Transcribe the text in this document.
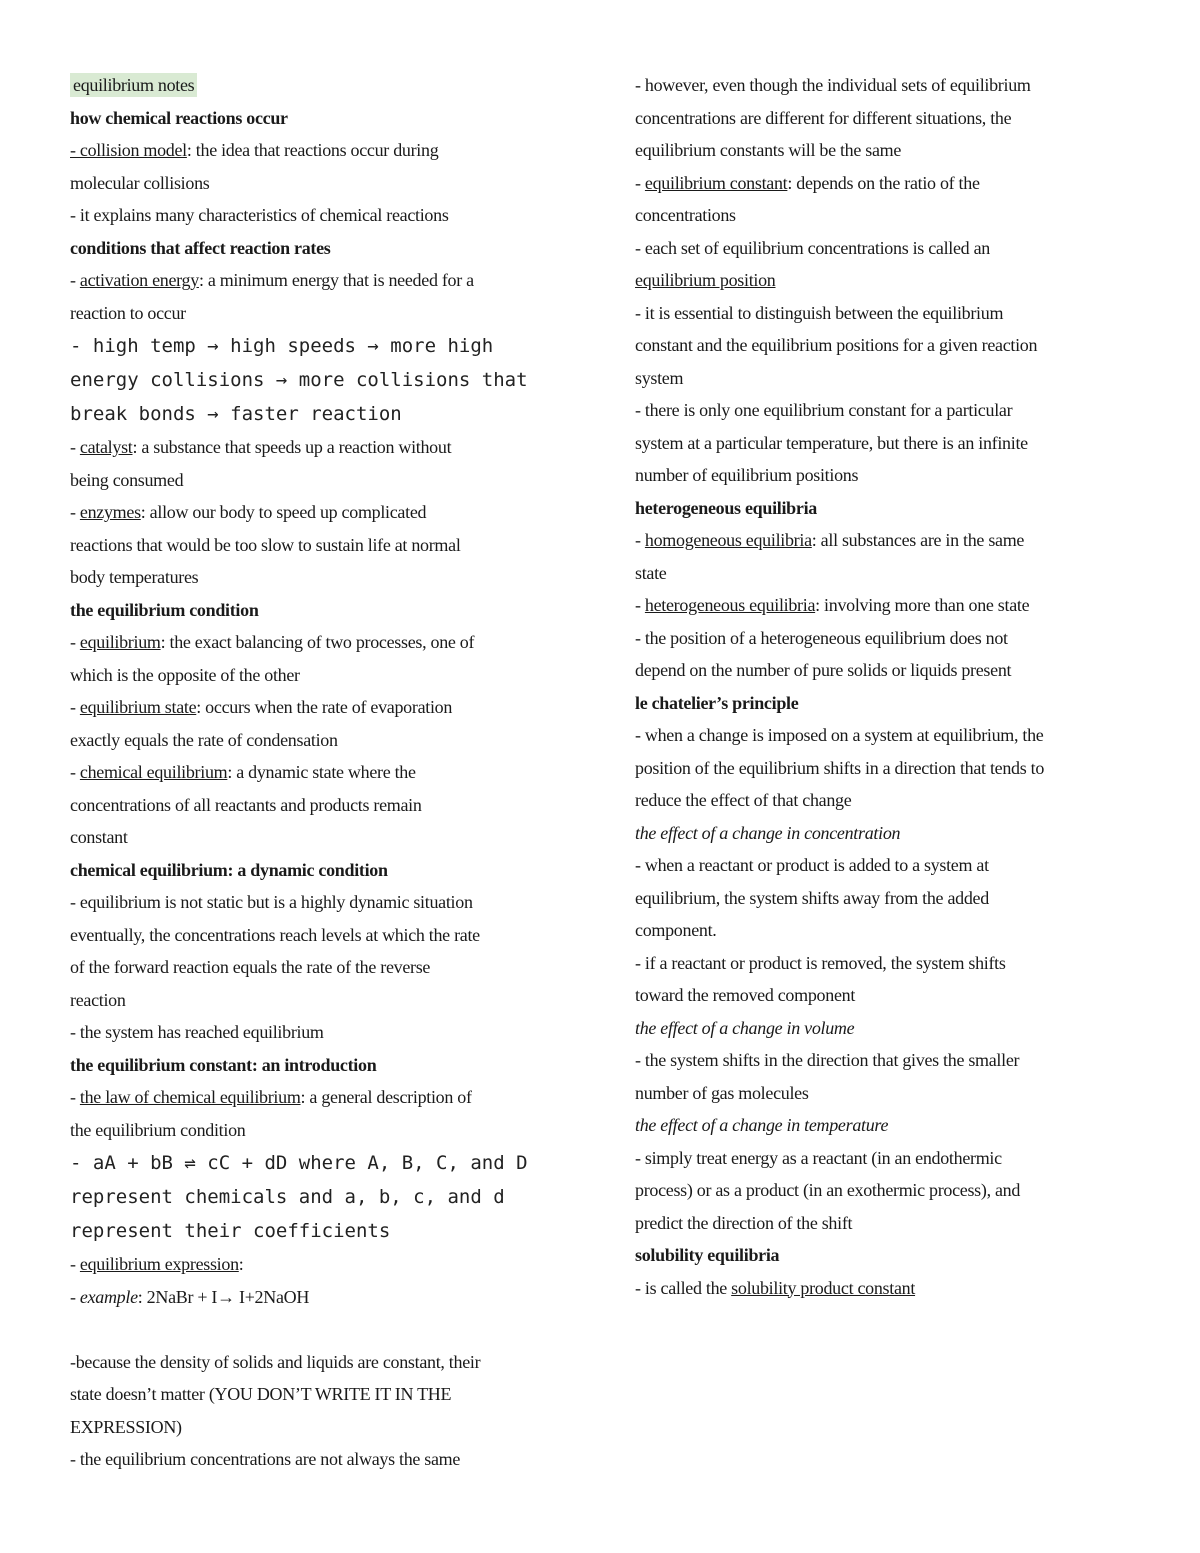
equilibrium notes
how chemical reactions occur
- collision model: the idea that reactions occur during
molecular collisions
- it explains many characteristics of chemical reactions
conditions that affect reaction rates
- activation energy: a minimum energy that is needed for a
reaction to occur
- high temp → high speeds → more high
energy collisions → more collisions that
break bonds → faster reaction
- catalyst: a substance that speeds up a reaction without
being consumed
- enzymes: allow our body to speed up complicated
reactions that would be too slow to sustain life at normal
body temperatures
the equilibrium condition
- equilibrium: the exact balancing of two processes, one of
which is the opposite of the other
- equilibrium state: occurs when the rate of evaporation
exactly equals the rate of condensation
- chemical equilibrium: a dynamic state where the
concentrations of all reactants and products remain
constant
chemical equilibrium: a dynamic condition
- equilibrium is not static but is a highly dynamic situation
eventually, the concentrations reach levels at which the rate
of the forward reaction equals the rate of the reverse
reaction
- the system has reached equilibrium
the equilibrium constant: an introduction
- the law of chemical equilibrium: a general description of
the equilibrium condition
- aA + bB ⇌ cC + dD where A, B, C, and D
represent chemicals and a, b, c, and d
represent their coefficients
- equilibrium expression:
- example: 2NaBr + I→ I+2NaOH
-because the density of solids and liquids are constant, their
state doesn’t matter (YOU DON’T WRITE IT IN THE
EXPRESSION)
- the equilibrium concentrations are not always the same
- however, even though the individual sets of equilibrium
concentrations are different for different situations, the
equilibrium constants will be the same
- equilibrium constant: depends on the ratio of the
concentrations
- each set of equilibrium concentrations is called an
equilibrium position
- it is essential to distinguish between the equilibrium
constant and the equilibrium positions for a given reaction
system
- there is only one equilibrium constant for a particular
system at a particular temperature, but there is an infinite
number of equilibrium positions
heterogeneous equilibria
- homogeneous equilibria: all substances are in the same
state
- heterogeneous equilibria: involving more than one state
- the position of a heterogeneous equilibrium does not
depend on the number of pure solids or liquids present
le chatelier’s principle
- when a change is imposed on a system at equilibrium, the
position of the equilibrium shifts in a direction that tends to
reduce the effect of that change
the effect of a change in concentration
- when a reactant or product is added to a system at
equilibrium, the system shifts away from the added
component.
- if a reactant or product is removed, the system shifts
toward the removed component
the effect of a change in volume
- the system shifts in the direction that gives the smaller
number of gas molecules
the effect of a change in temperature
- simply treat energy as a reactant (in an endothermic
process) or as a product (in an exothermic process), and
predict the direction of the shift
solubility equilibria
- is called the solubility product constant
